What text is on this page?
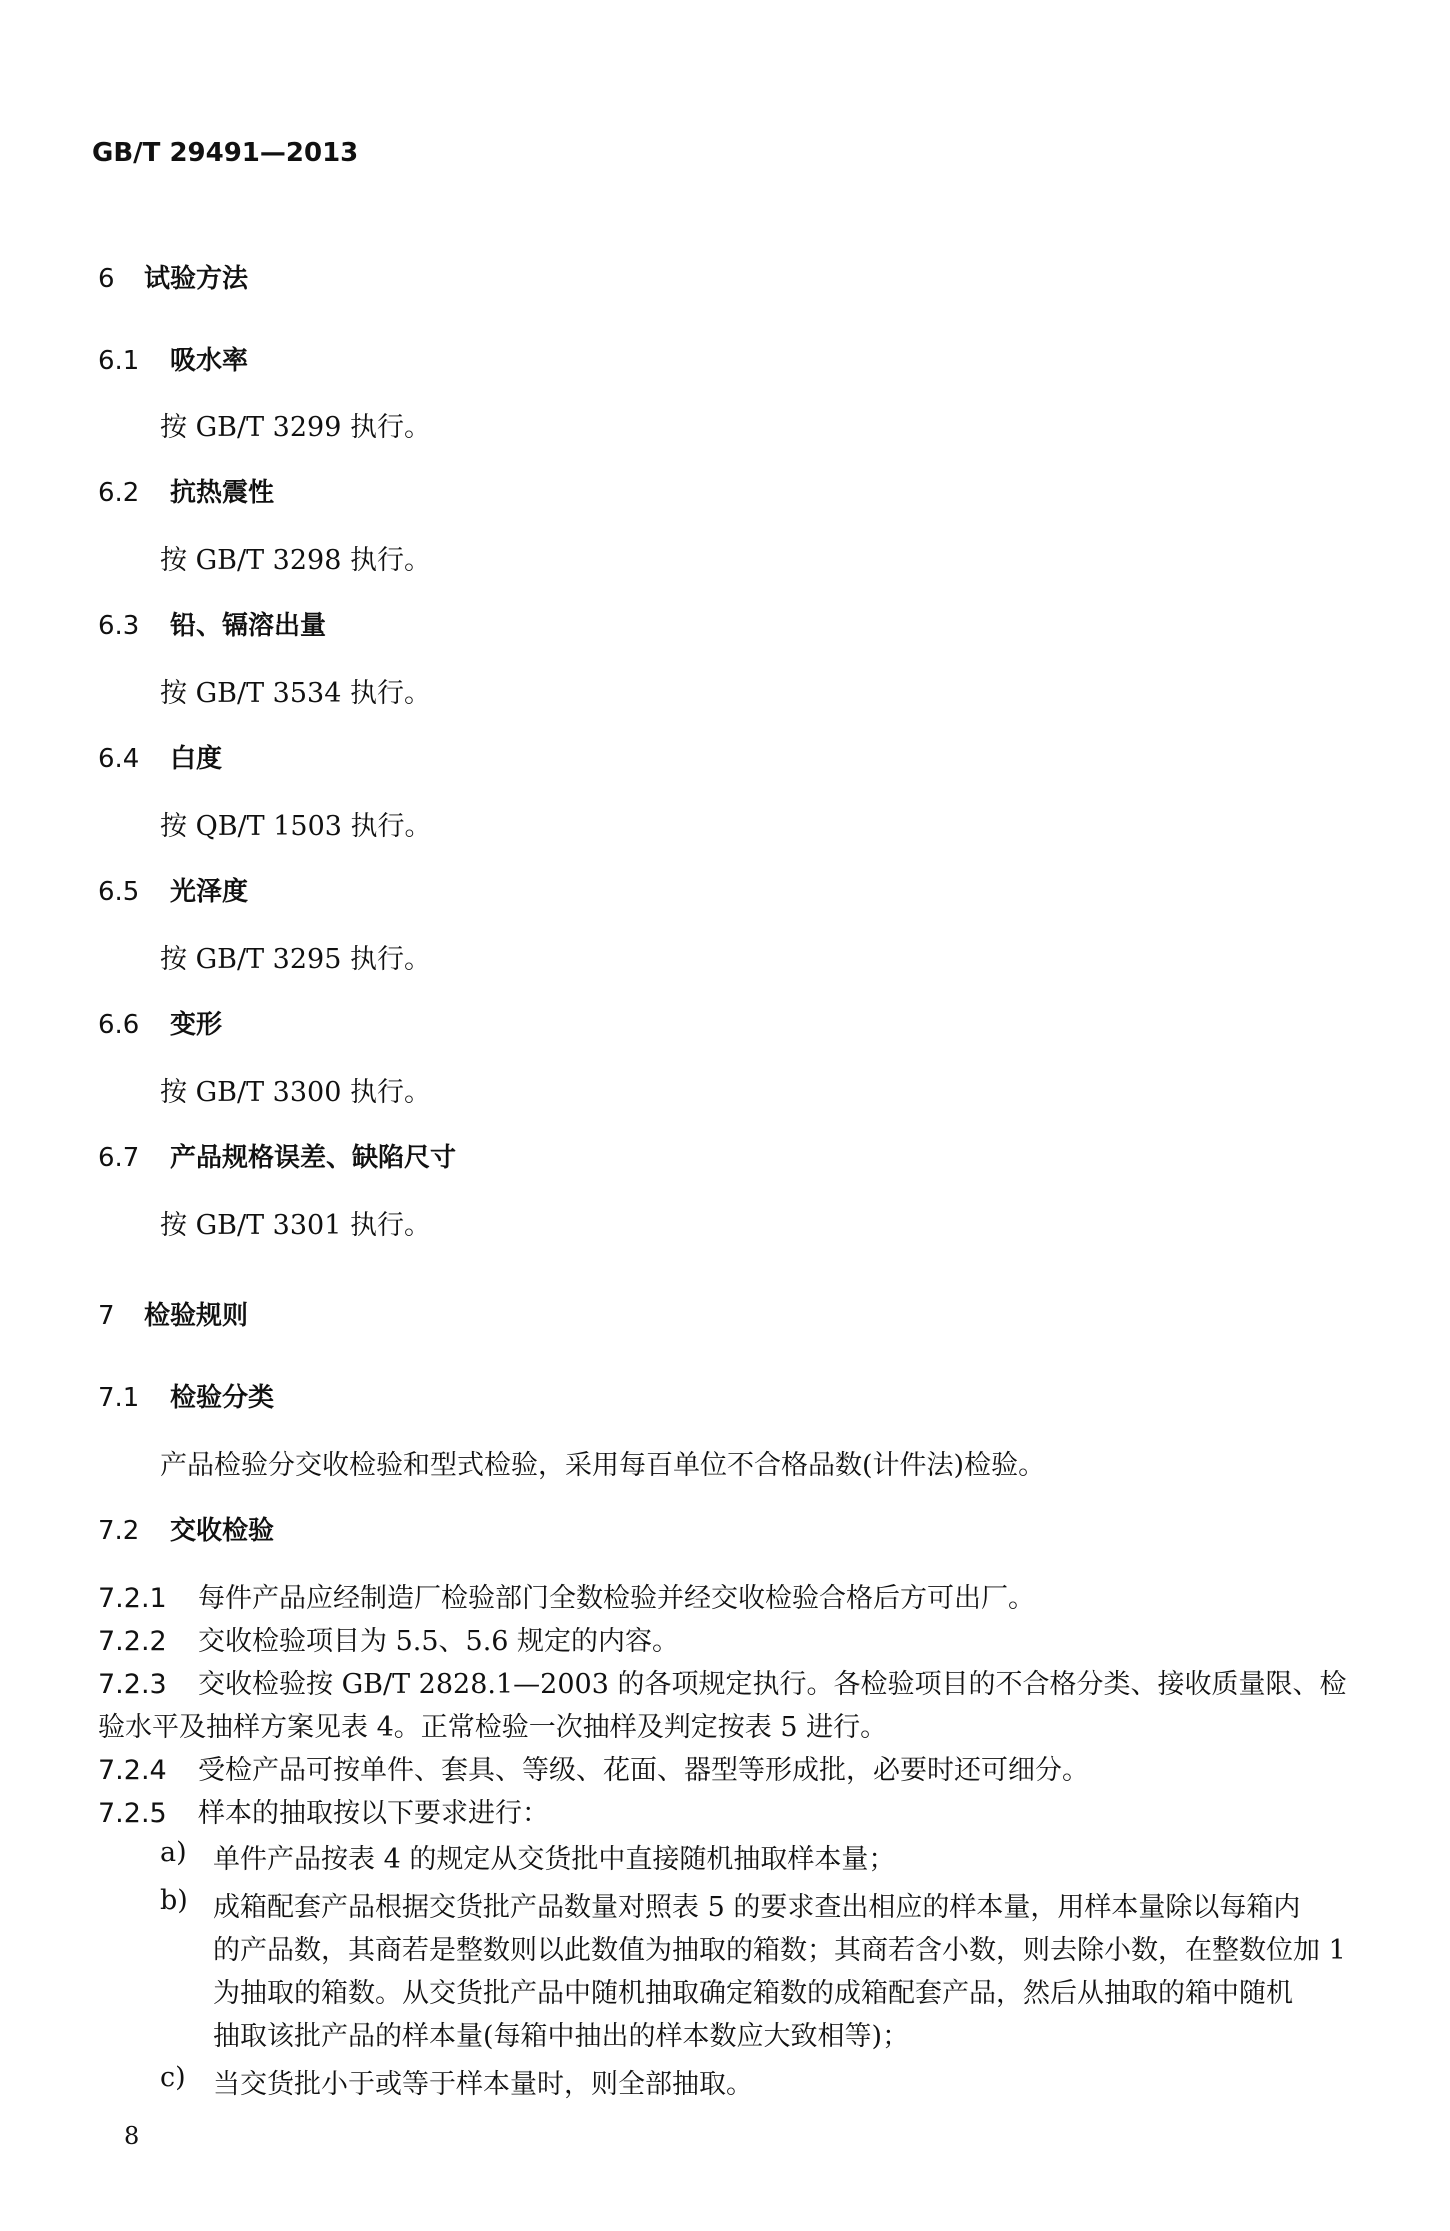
GB/T 29491—2013
6 试验方法
6.1 吸水率
按 GB/T 3299 执行。
6.2 抗热震性
按 GB/T 3298 执行。
6.3 铅、镉溶出量
按 GB/T 3534 执行。
6.4 白度
按 QB/T 1503 执行。
6.5 光泽度
按 GB/T 3295 执行。
6.6 变形
按 GB/T 3300 执行。
6.7 产品规格误差、缺陷尺寸
按 GB/T 3301 执行。
7 检验规则
7.1 检验分类
产品检验分交收检验和型式检验，采用每百单位不合格品数(计件法)检验。
7.2 交收检验
7.2.1 每件产品应经制造厂检验部门全数检验并经交收检验合格后方可出厂。
7.2.2 交收检验项目为 5.5、5.6 规定的内容。
7.2.3 交收检验按 GB/T 2828.1—2003 的各项规定执行。各检验项目的不合格分类、接收质量限、检
验水平及抽样方案见表 4。正常检验一次抽样及判定按表 5 进行。
7.2.4 受检产品可按单件、套具、等级、花面、器型等形成批，必要时还可细分。
7.2.5 样本的抽取按以下要求进行：
a) 单件产品按表 4 的规定从交货批中直接随机抽取样本量；
b) 成箱配套产品根据交货批产品数量对照表 5 的要求查出相应的样本量，用样本量除以每箱内
的产品数，其商若是整数则以此数值为抽取的箱数；其商若含小数，则去除小数，在整数位加 1
为抽取的箱数。从交货批产品中随机抽取确定箱数的成箱配套产品，然后从抽取的箱中随机
抽取该批产品的样本量(每箱中抽出的样本数应大致相等)；
c) 当交货批小于或等于样本量时，则全部抽取。
8
